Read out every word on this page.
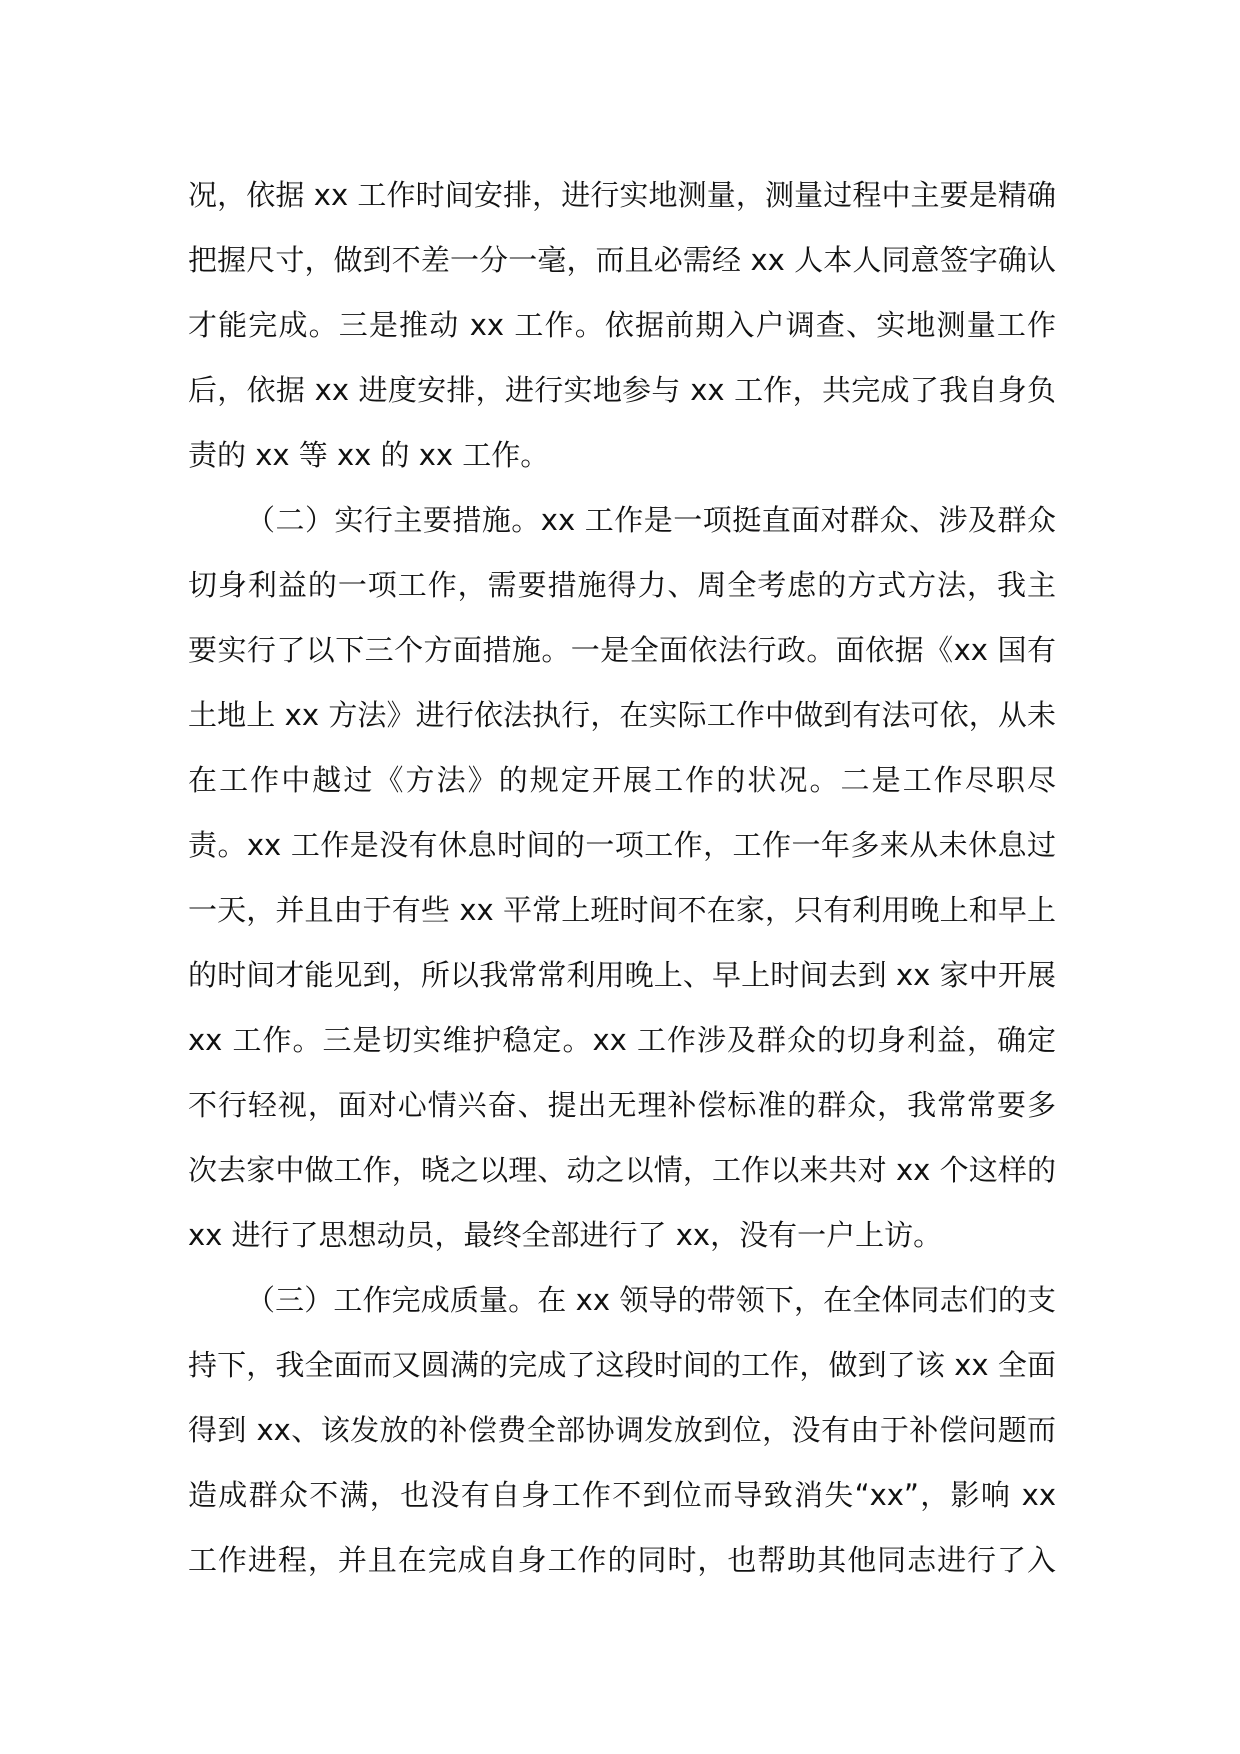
况，依据 xx 工作时间安排，进行实地测量，测量过程中主要是精确
把握尺寸，做到不差一分一毫，而且必需经 xx 人本人同意签字确认
才能完成。三是推动 xx 工作。依据前期入户调查、实地测量工作
后，依据 xx 进度安排，进行实地参与 xx 工作，共完成了我自身负
责的 xx 等 xx 的 xx 工作。
（二）实行主要措施。xx 工作是一项挺直面对群众、涉及群众
切身利益的一项工作，需要措施得力、周全考虑的方式方法，我主
要实行了以下三个方面措施。一是全面依法行政。面依据《xx 国有
土地上 xx 方法》进行依法执行，在实际工作中做到有法可依，从未
在工作中越过《方法》的规定开展工作的状况。二是工作尽职尽
责。xx 工作是没有休息时间的一项工作，工作一年多来从未休息过
一天，并且由于有些 xx 平常上班时间不在家，只有利用晚上和早上
的时间才能见到，所以我常常利用晚上、早上时间去到 xx 家中开展
xx 工作。三是切实维护稳定。xx 工作涉及群众的切身利益，确定
不行轻视，面对心情兴奋、提出无理补偿标准的群众，我常常要多
次去家中做工作，晓之以理、动之以情，工作以来共对 xx 个这样的
xx 进行了思想动员，最终全部进行了 xx，没有一户上访。
（三）工作完成质量。在 xx 领导的带领下，在全体同志们的支
持下，我全面而又圆满的完成了这段时间的工作，做到了该 xx 全面
得到 xx、该发放的补偿费全部协调发放到位，没有由于补偿问题而
造成群众不满，也没有自身工作不到位而导致消失“xx”，影响 xx
工作进程，并且在完成自身工作的同时，也帮助其他同志进行了入
